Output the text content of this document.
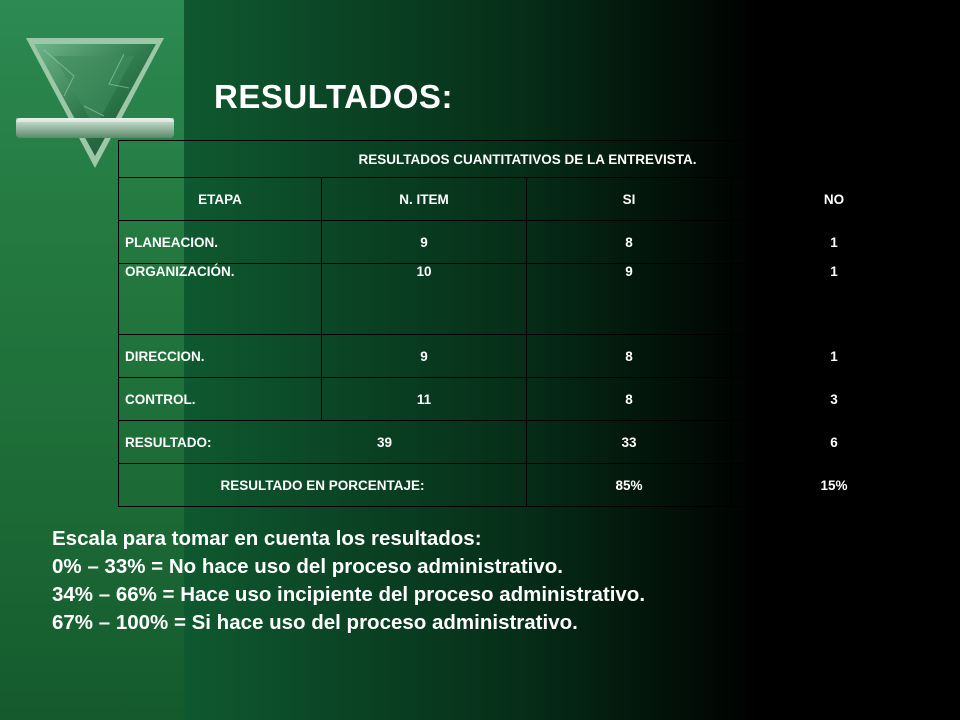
RESULTADOS:
RESULTADOS CUANTITATIVOS DE LA ENTREVISTA.			
ETAPA	N. ITEM	SI	NO
PLANEACION.	9	8	1
ORGANIZACIÓN.	10	9	1
DIRECCION.	9	8	1
CONTROL.	11	8	3

RESULTADO: 39		33	6
RESULTADO EN PORCENTAJE:		85%	15%
Escala para tomar en cuenta los resultados:
0% – 33% = No hace uso del proceso administrativo.
34% – 66% = Hace uso incipiente del proceso administrativo.
67% – 100% = Si hace uso del proceso administrativo.
